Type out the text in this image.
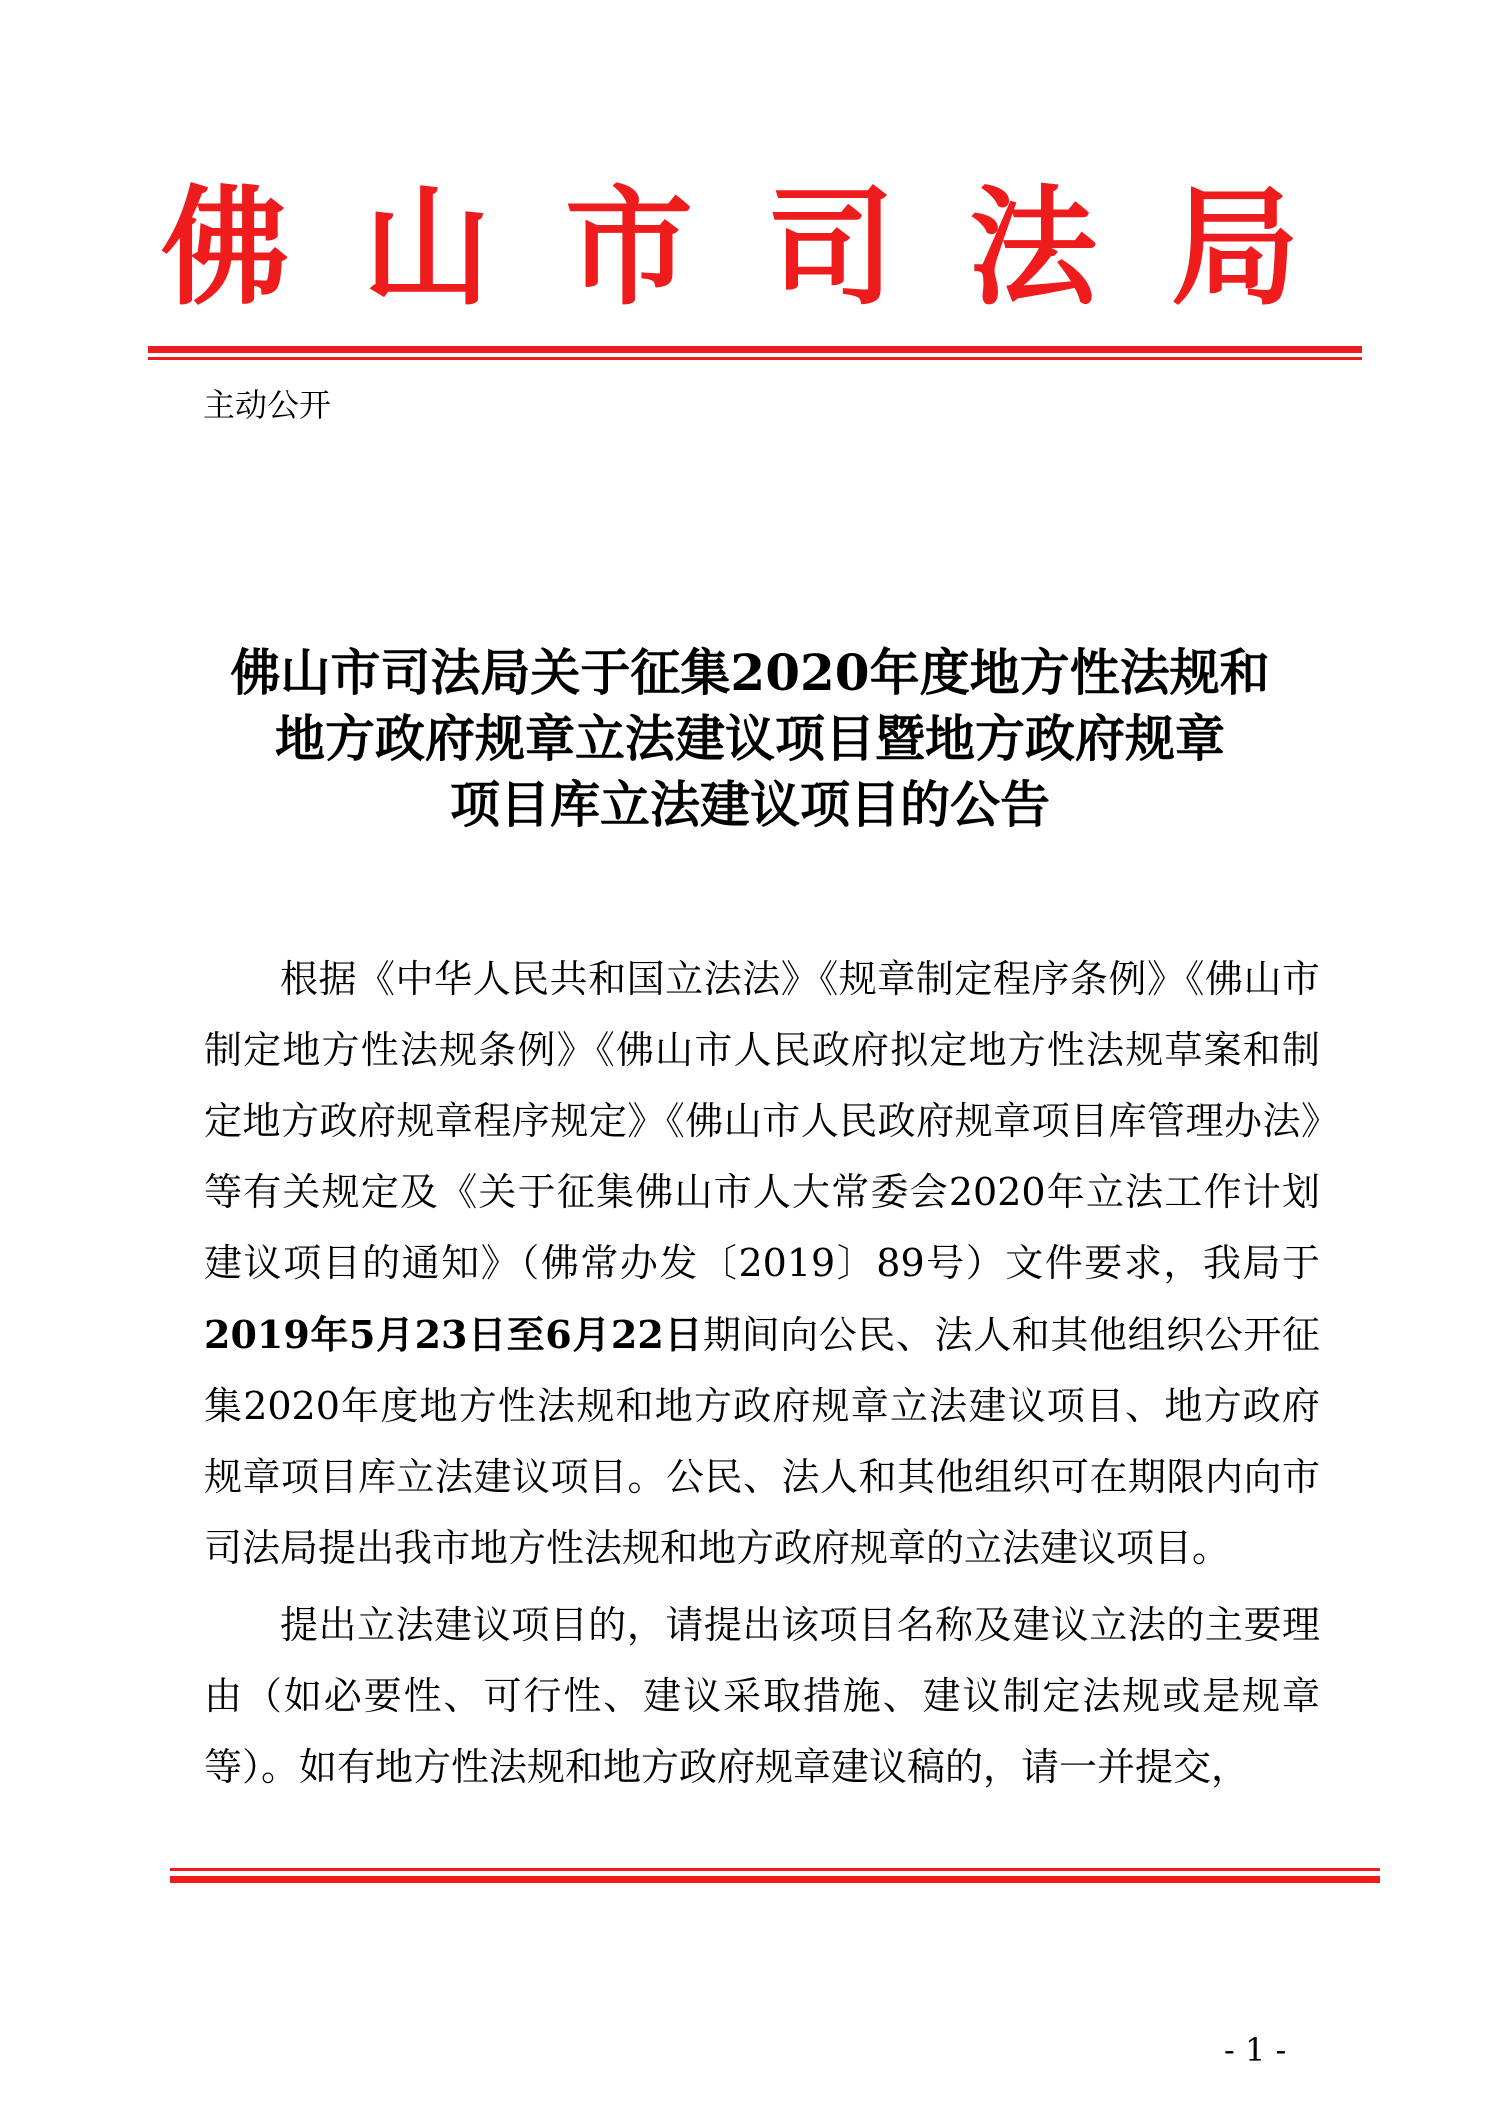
佛 山 市 司 法 局
主动公开
佛山市司法局关于征集2020年度地方性法规和
地方政府规章立法建议项目暨地方政府规章
项目库立法建议项目的公告

根据《中华人民共和国立法法》《规章制定程序条例》《佛山市制定地方性法规条例》《佛山市人民政府拟定地方性法规草案和制定地方政府规章程序规定》《佛山市人民政府规章项目库管理办法》等有关规定及《关于征集佛山市人大常委会2020年立法工作计划建议项目的通知》（佛常办发〔2019〕89号）文件要求，我局于2019年5月23日至6月22日期间向公民、法人和其他组织公开征集2020年度地方性法规和地方政府规章立法建议项目、地方政府规章项目库立法建议项目。公民、法人和其他组织可在期限内向市司法局提出我市地方性法规和地方政府规章的立法建议项目。

提出立法建议项目的，请提出该项目名称及建议立法的主要理由（如必要性、可行性、建议采取措施、建议制定法规或是规章等）。如有地方性法规和地方政府规章建议稿的，请一并提交，

- 1 -
